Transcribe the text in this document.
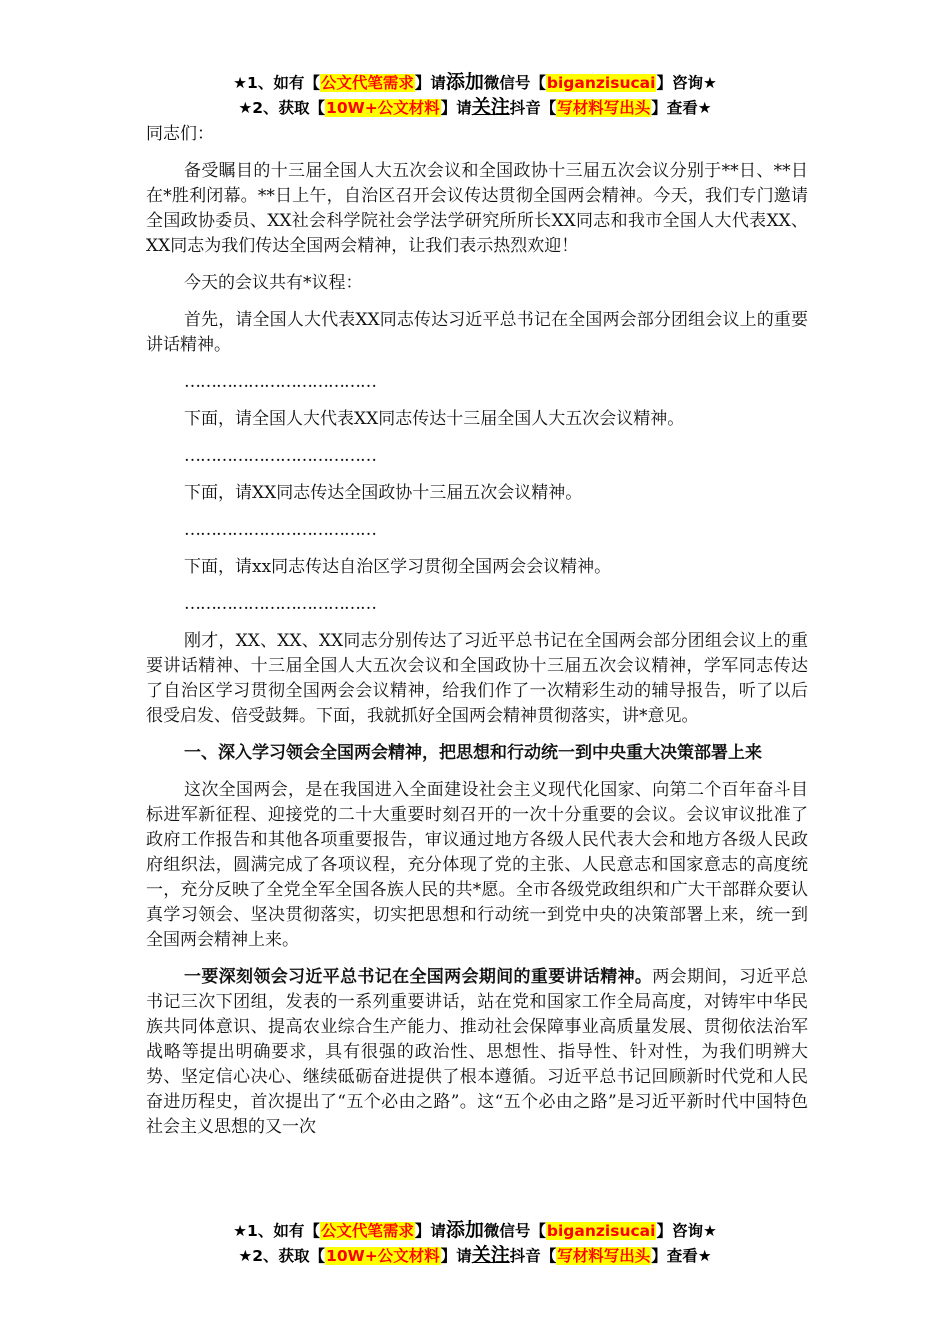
★1、如有【公文代笔需求】请添加微信号【biganzisucai】咨询★
★2、获取【10W+公文材料】请关注抖音【写材料写出头】查看★

同志们：

备受瞩目的十三届全国人大五次会议和全国政协十三届五次会议分别于**日、**日在*胜利闭幕。**日上午，自治区召开会议传达贯彻全国两会精神。今天，我们专门邀请全国政协委员、XX社会科学院社会学法学研究所所长XX同志和我市全国人大代表XX、XX同志为我们传达全国两会精神，让我们表示热烈欢迎！

今天的会议共有*议程：

首先，请全国人大代表XX同志传达习近平总书记在全国两会部分团组会议上的重要讲话精神。

………………………………

下面，请全国人大代表XX同志传达十三届全国人大五次会议精神。

………………………………

下面，请XX同志传达全国政协十三届五次会议精神。

………………………………

下面，请xx同志传达自治区学习贯彻全国两会会议精神。

………………………………

刚才，XX、XX、XX同志分别传达了习近平总书记在全国两会部分团组会议上的重要讲话精神、十三届全国人大五次会议和全国政协十三届五次会议精神，学军同志传达了自治区学习贯彻全国两会会议精神，给我们作了一次精彩生动的辅导报告，听了以后很受启发、倍受鼓舞。下面，我就抓好全国两会精神贯彻落实，讲*意见。

一、深入学习领会全国两会精神，把思想和行动统一到中央重大决策部署上来

这次全国两会，是在我国进入全面建设社会主义现代化国家、向第二个百年奋斗目标进军新征程、迎接党的二十大重要时刻召开的一次十分重要的会议。会议审议批准了政府工作报告和其他各项重要报告，审议通过地方各级人民代表大会和地方各级人民政府组织法，圆满完成了各项议程，充分体现了党的主张、人民意志和国家意志的高度统一，充分反映了全党全军全国各族人民的共*愿。全市各级党政组织和广大干部群众要认真学习领会、坚决贯彻落实，切实把思想和行动统一到党中央的决策部署上来，统一到全国两会精神上来。

一要深刻领会习近平总书记在全国两会期间的重要讲话精神。两会期间，习近平总书记三次下团组，发表的一系列重要讲话，站在党和国家工作全局高度，对铸牢中华民族共同体意识、提高农业综合生产能力、推动社会保障事业高质量发展、贯彻依法治军战略等提出明确要求，具有很强的政治性、思想性、指导性、针对性，为我们明辨大势、坚定信心决心、继续砥砺奋进提供了根本遵循。习近平总书记回顾新时代党和人民奋进历程史，首次提出了“五个必由之路”。这“五个必由之路”是习近平新时代中国特色社会主义思想的又一次

★1、如有【公文代笔需求】请添加微信号【biganzisucai】咨询★
★2、获取【10W+公文材料】请关注抖音【写材料写出头】查看★
